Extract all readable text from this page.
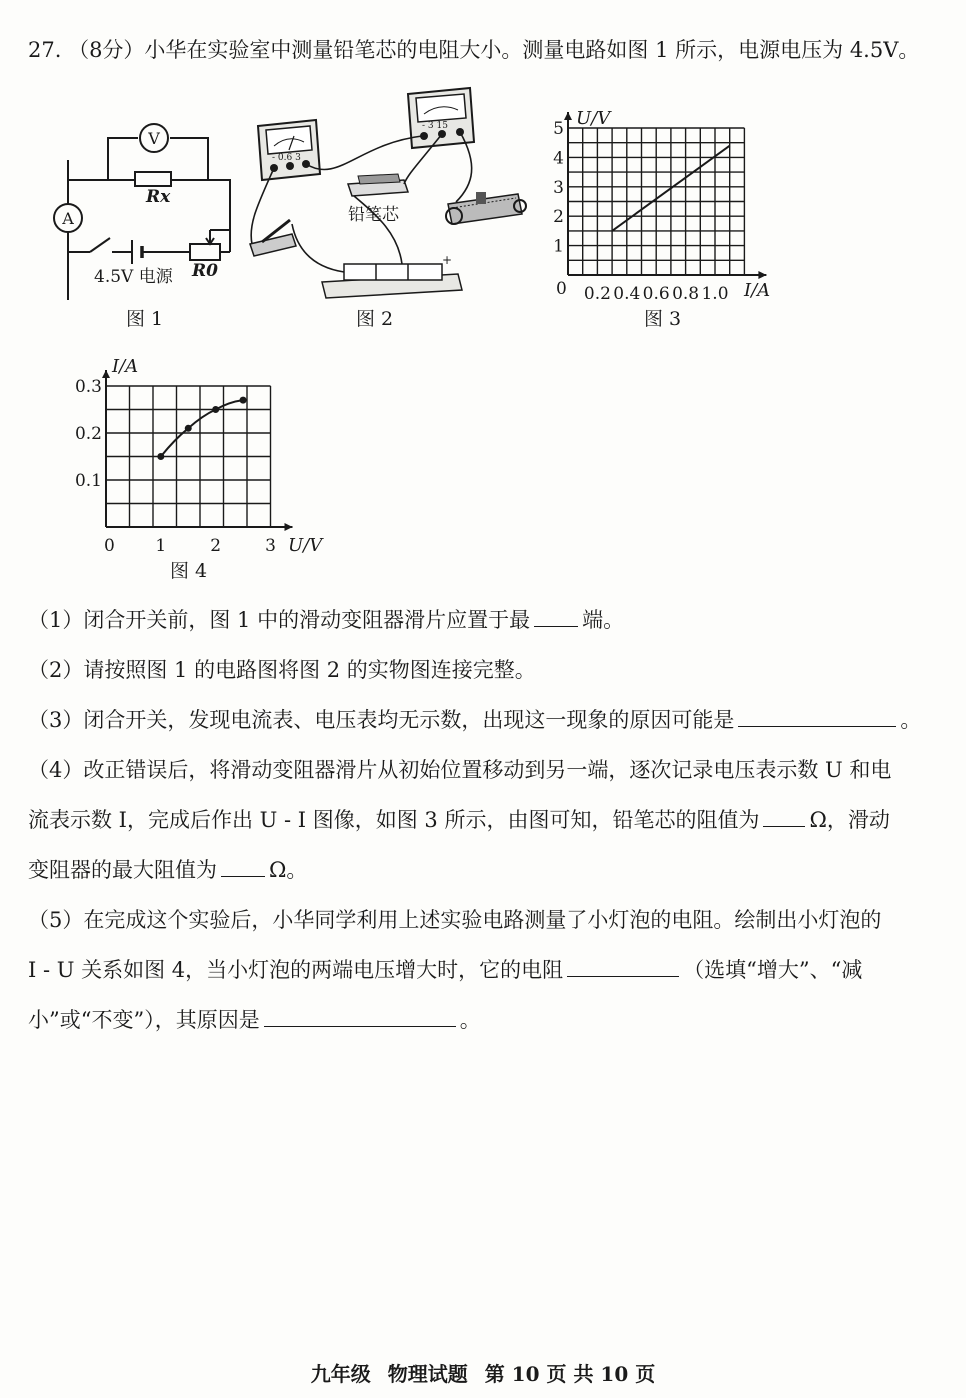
27. （8分）小华在实验室中测量铅笔芯的电阻大小。测量电路如图 1 所示，电源电压为 4.5V。
V
A
Rx
R0
4.5V 电源
图 1
- 0.6 3
- 3 15
铅笔芯
+
图 2
U/V
I/A
0 0.2 0.4 0.6 0.8 1.0
1
2
3
4
5
图 3
I/A
U/V
0 1	2	3
0.1
0.2
0.3
图 4
（1）闭合开关前，图 1 中的滑动变阻器滑片应置于最 端。
（2）请按照图 1 的电路图将图 2 的实物图连接完整。
（3）闭合开关，发现电流表、电压表均无示数，出现这一现象的原因可能是	。
（4）改正错误后，将滑动变阻器滑片从初始位置移动到另一端，逐次记录电压表示数 U 和电
流表示数 I，完成后作出 U - I 图像，如图 3 所示，由图可知，铅笔芯的阻值为 Ω，滑动
变阻器的最大阻值为 Ω。
（5）在完成这个实验后，小华同学利用上述实验电路测量了小灯泡的电阻。绘制出小灯泡的
I - U 关系如图 4，当小灯泡的两端电压增大时，它的电阻	（选填“增大”、“减
小”或“不变”），其原因是	。
九年级 物理试题 第 10 页 共 10 页
